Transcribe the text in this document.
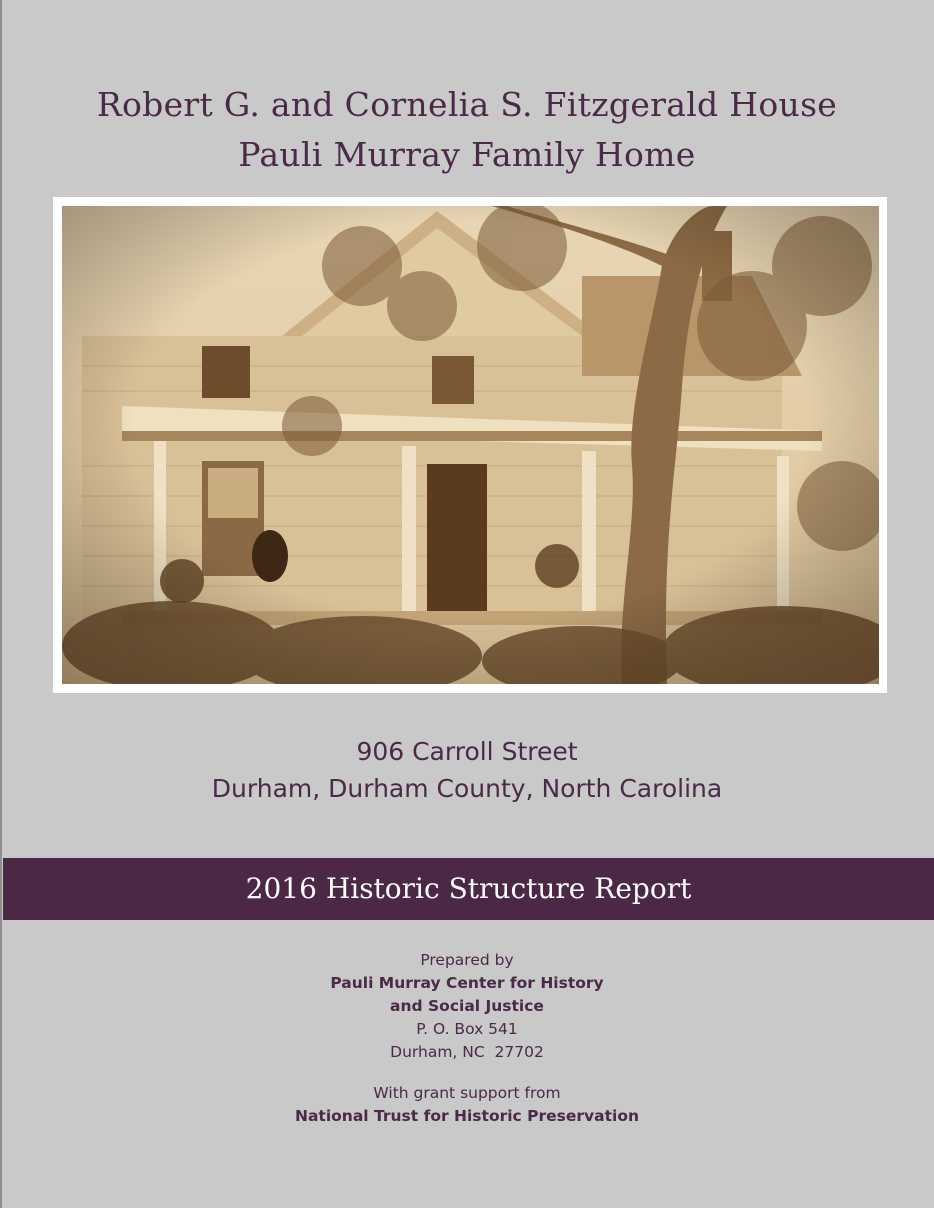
Robert G. and Cornelia S. Fitzgerald House
Pauli Murray Family Home
906 Carroll Street
Durham, Durham County, North Carolina
2016 Historic Structure Report
Prepared by
Pauli Murray Center for History
and Social Justice
P. O. Box 541
Durham, NC  27702
With grant support from
National Trust for Historic Preservation
